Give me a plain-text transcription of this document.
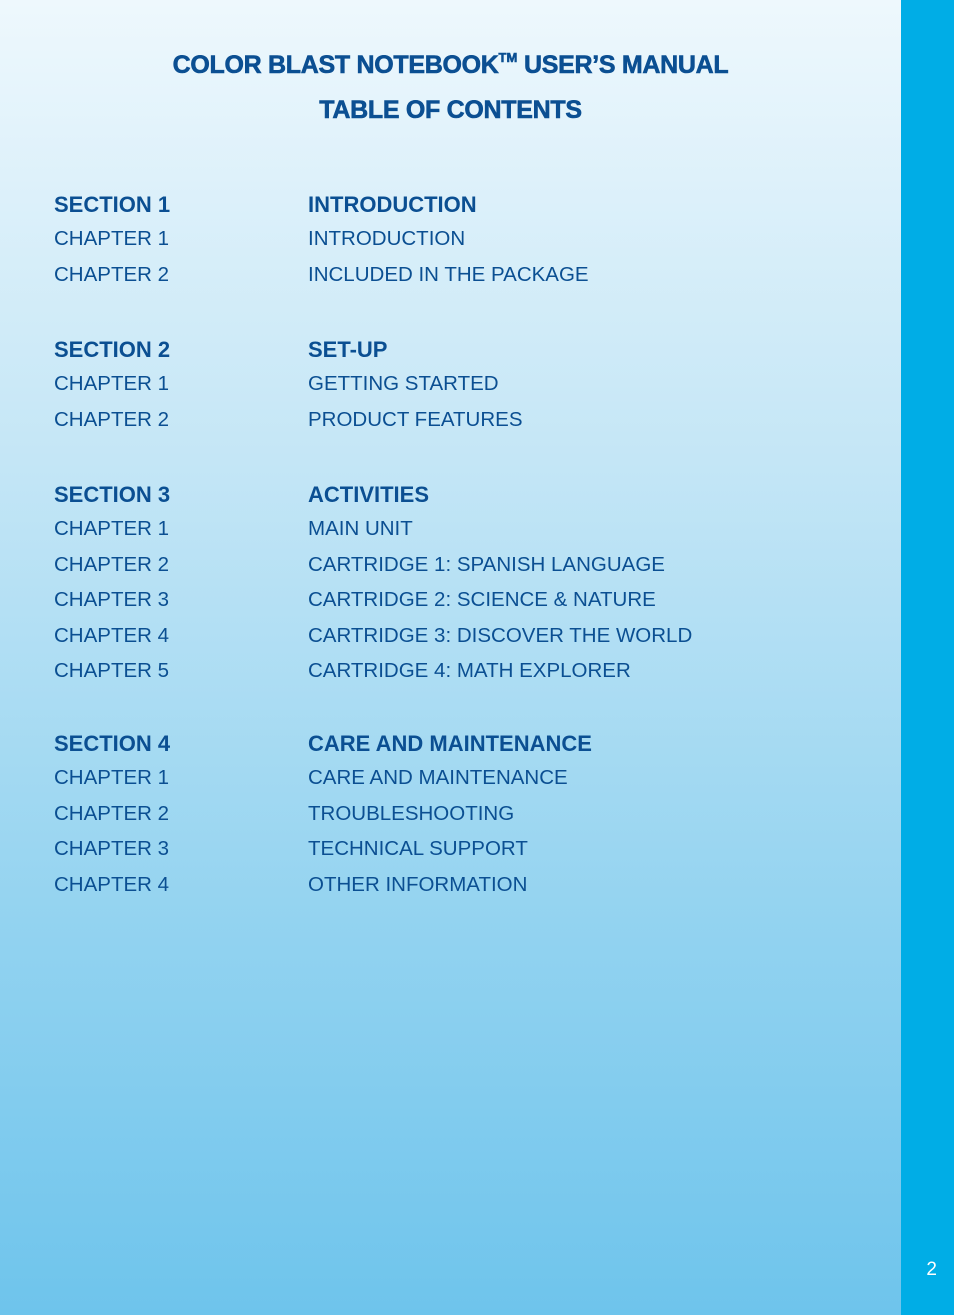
COLOR BLAST NOTEBOOK™ USER’S MANUAL
TABLE OF CONTENTS
SECTION 1	INTRODUCTION
CHAPTER 1	INTRODUCTION
CHAPTER 2	INCLUDED IN THE PACKAGE
SECTION 2	SET-UP
CHAPTER 1	GETTING STARTED
CHAPTER 2	PRODUCT FEATURES
SECTION 3	ACTIVITIES
CHAPTER 1	MAIN UNIT
CHAPTER 2	CARTRIDGE 1: SPANISH LANGUAGE
CHAPTER 3	CARTRIDGE 2: SCIENCE & NATURE
CHAPTER 4	CARTRIDGE 3: DISCOVER THE WORLD
CHAPTER 5	CARTRIDGE 4: MATH EXPLORER
SECTION 4	CARE AND MAINTENANCE
CHAPTER 1	CARE AND MAINTENANCE
CHAPTER 2	TROUBLESHOOTING
CHAPTER 3	TECHNICAL SUPPORT
CHAPTER 4	OTHER INFORMATION
2
